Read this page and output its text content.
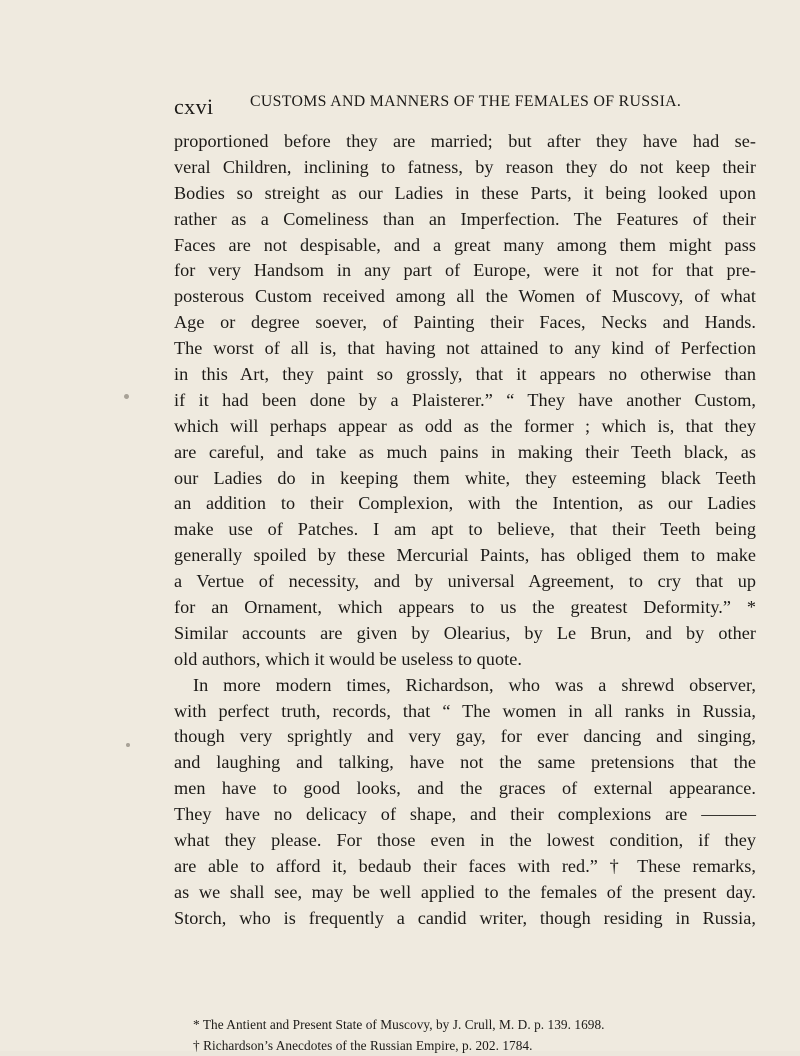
cxvi CUSTOMS AND MANNERS OF THE FEMALES OF RUSSIA.
proportioned before they are married; but after they have had se-
veral Children, inclining to fatness, by reason they do not keep their
Bodies so streight as our Ladies in these Parts, it being looked upon
rather as a Comeliness than an Imperfection. The Features of their
Faces are not despisable, and a great many among them might pass
for very Handsom in any part of Europe, were it not for that pre-
posterous Custom received among all the Women of Muscovy, of what
Age or degree soever, of Painting their Faces, Necks and Hands.
The worst of all is, that having not attained to any kind of Perfection
in this Art, they paint so grossly, that it appears no otherwise than
if it had been done by a Plaisterer.” “ They have another Custom,
which will perhaps appear as odd as the former ; which is, that they
are careful, and take as much pains in making their Teeth black, as
our Ladies do in keeping them white, they esteeming black Teeth
an addition to their Complexion, with the Intention, as our Ladies
make use of Patches. I am apt to believe, that their Teeth being
generally spoiled by these Mercurial Paints, has obliged them to make
a Vertue of necessity, and by universal Agreement, to cry that up
for an Ornament, which appears to us the greatest Deformity.” *
Similar accounts are given by Olearius, by Le Brun, and by other
old authors, which it would be useless to quote.
In more modern times, Richardson, who was a shrewd observer,
with perfect truth, records, that “ The women in all ranks in Russia,
though very sprightly and very gay, for ever dancing and singing,
and laughing and talking, have not the same pretensions that the
men have to good looks, and the graces of external appearance.
They have no delicacy of shape, and their complexions are ———
what they please. For those even in the lowest condition, if they
are able to afford it, bedaub their faces with red.” † These remarks,
as we shall see, may be well applied to the females of the present day.
Storch, who is frequently a candid writer, though residing in Russia,
* The Antient and Present State of Muscovy, by J. Crull, M. D. p. 139. 1698.
† Richardson’s Anecdotes of the Russian Empire, p. 202. 1784.
